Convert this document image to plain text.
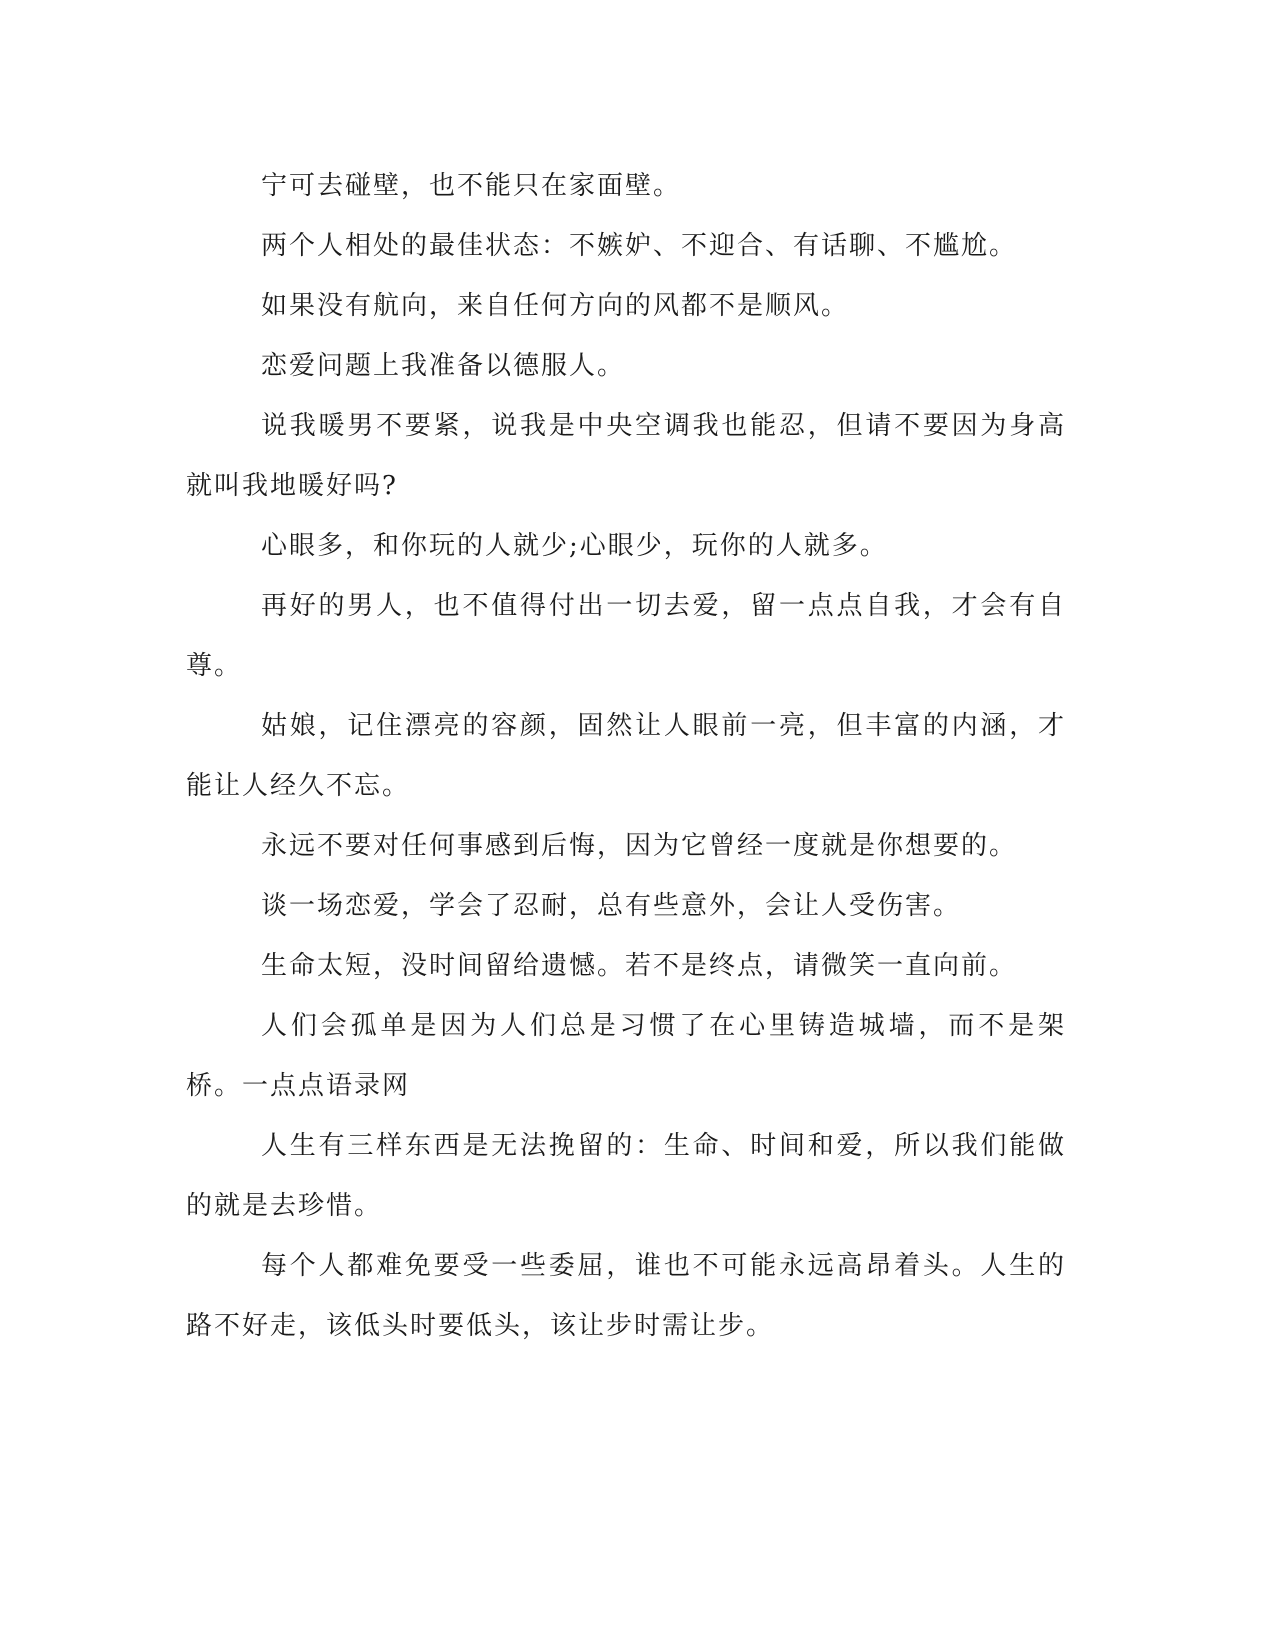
宁可去碰壁，也不能只在家面壁。

两个人相处的最佳状态：不嫉妒、不迎合、有话聊、不尴尬。

如果没有航向，来自任何方向的风都不是顺风。

恋爱问题上我准备以德服人。

说我暖男不要紧，说我是中央空调我也能忍，但请不要因为身高就叫我地暖好吗?

心眼多，和你玩的人就少;心眼少，玩你的人就多。

再好的男人，也不值得付出一切去爱，留一点点自我，才会有自尊。

姑娘，记住漂亮的容颜，固然让人眼前一亮，但丰富的内涵，才能让人经久不忘。

永远不要对任何事感到后悔，因为它曾经一度就是你想要的。

谈一场恋爱，学会了忍耐，总有些意外，会让人受伤害。

生命太短，没时间留给遗憾。若不是终点，请微笑一直向前。

人们会孤单是因为人们总是习惯了在心里铸造城墙，而不是架桥。一点点语录网

人生有三样东西是无法挽留的：生命、时间和爱，所以我们能做的就是去珍惜。

每个人都难免要受一些委屈，谁也不可能永远高昂着头。人生的路不好走，该低头时要低头，该让步时需让步。
